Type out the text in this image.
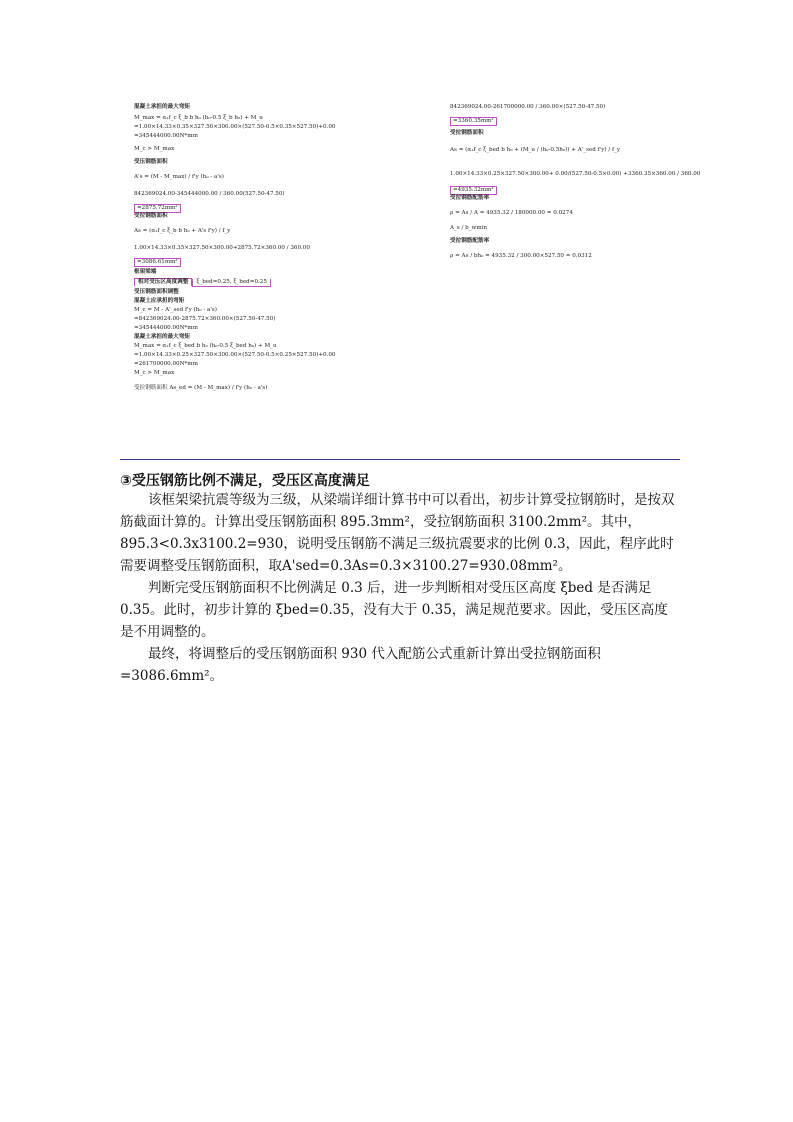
混凝土承担的最大弯矩
M_max = α₁f_c ξ_b b h₀ (h₀-0.5 ξ_b h₀) + M_u
=1.00×14.33×0.35×327.50×300.00×(527.50-0.5×0.35×527.50)+0.00
=345444000.00N*mm
M_c > M_max
受压钢筋面积
A's = (M - M_max) / f'y (h₀ - a's)
842369024.00-345444000.00 / 360.00(527.50-47.50)
=2875.72mm²
受拉钢筋面积
As = (α₁f_c ξ_b b h₀ + A's f'y) / f_y
1.00×14.33×0.35×327.50×300.00+2875.72×360.00 / 360.00
=3086.61mm²
框架梁端
相对受压区高度调整 ξ_bed=0.25, ξ_bed=0.25
受压钢筋面积调整
混凝土应承担的弯矩
M_c = M - A'_sed f'y (h₀ - a's)
=842369024.00-2875.72×360.00×(527.50-47.50)
=345444000.00N*mm
混凝土承担的最大弯矩
M_max = α₁f_c ξ_bed b h₀ (h₀-0.5 ξ_bed h₀) + M_u
=1.00×14.33×0.25×327.50×300.00×(527.50-0.5×0.25×527.50)+0.00
=261700000.00N*mm
M_c > M_max
受拉钢筋面积 As_ed = (M - M_max) / f'y (h₀ - a's)
842369024.00-261700000.00 / 360.00×(527.50-47.50)
=3360.35mm²
受拉钢筋面积
As = (α₁f_c ξ_bed b h₀ + (M_u / (h₀-0.5h₀)) + A'_sed f'y) / f_y
1.00×14.33×0.25×327.50×300.00+ 0.00/(527.50-0.5×0.00) +3360.35×360.00 / 360.00
=4935.32mm²
受拉钢筋配筋率
ρ = As / A = 4935.32 / 180000.00 = 0.0274
A_s / b_wmin
受拉钢筋配筋率
ρ = As / bh₀ = 4935.32 / 300.00×527.50 = 0.0312
③受压钢筋比例不满足，受压区高度满足

该框架梁抗震等级为三级，从梁端详细计算书中可以看出，初步计算受拉钢筋时，是按双筋截面计算的。计算出受压钢筋面积 895.3mm²，受拉钢筋面积 3100.2mm²。其中，895.3<0.3x3100.2=930，说明受压钢筋不满足三级抗震要求的比例 0.3，因此，程序此时需要调整受压钢筋面积，取A'sed=0.3As=0.3×3100.27=930.08mm²。

判断完受压钢筋面积不比例满足 0.3 后，进一步判断相对受压区高度 ξbed 是否满足 0.35。此时，初步计算的 ξbed=0.35，没有大于 0.35，满足规范要求。因此，受压区高度是不用调整的。

最终，将调整后的受压钢筋面积 930 代入配筋公式重新计算出受拉钢筋面积=3086.6mm²。
